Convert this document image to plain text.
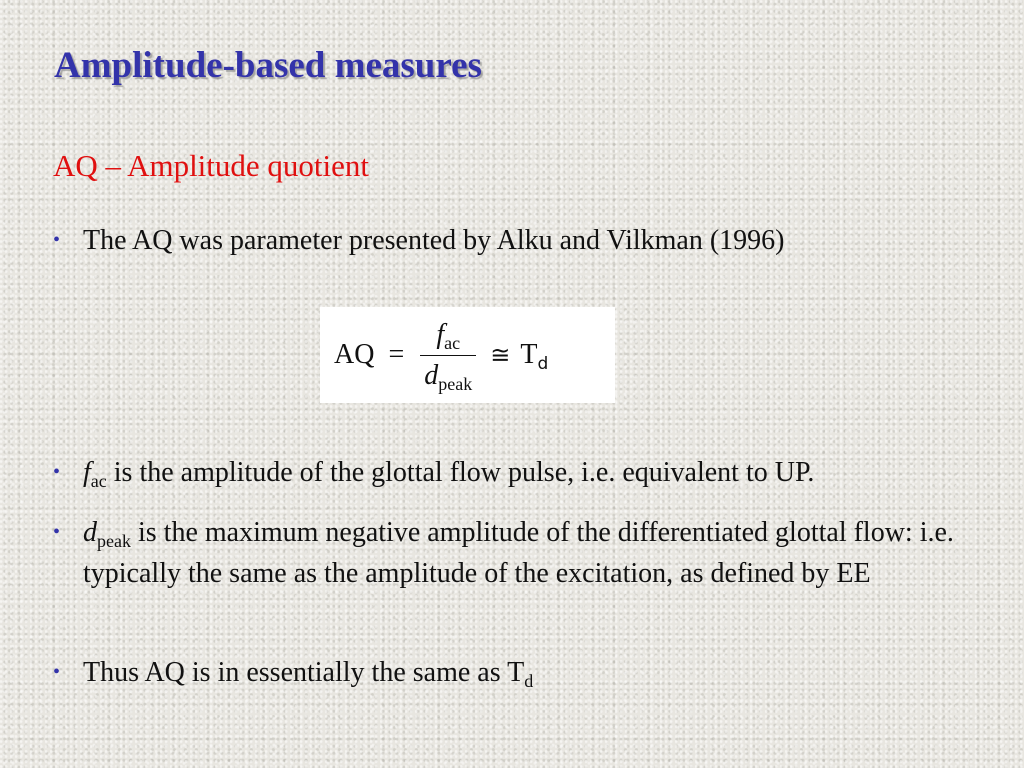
Amplitude-based measures
AQ – Amplitude quotient
• The AQ was parameter presented by Alku and Vilkman (1996)
AQ = $\frac{f_{ac}}{d_{peak}}$ ≅ $T_d$
• $f_{ac}$ is the amplitude of the glottal flow pulse, i.e. equivalent to UP.
• $d_{peak}$ is the maximum negative amplitude of the differentiated glottal flow: i.e. typically the same as the amplitude of the excitation, as defined by EE
• Thus AQ is in essentially the same as $T_d$
